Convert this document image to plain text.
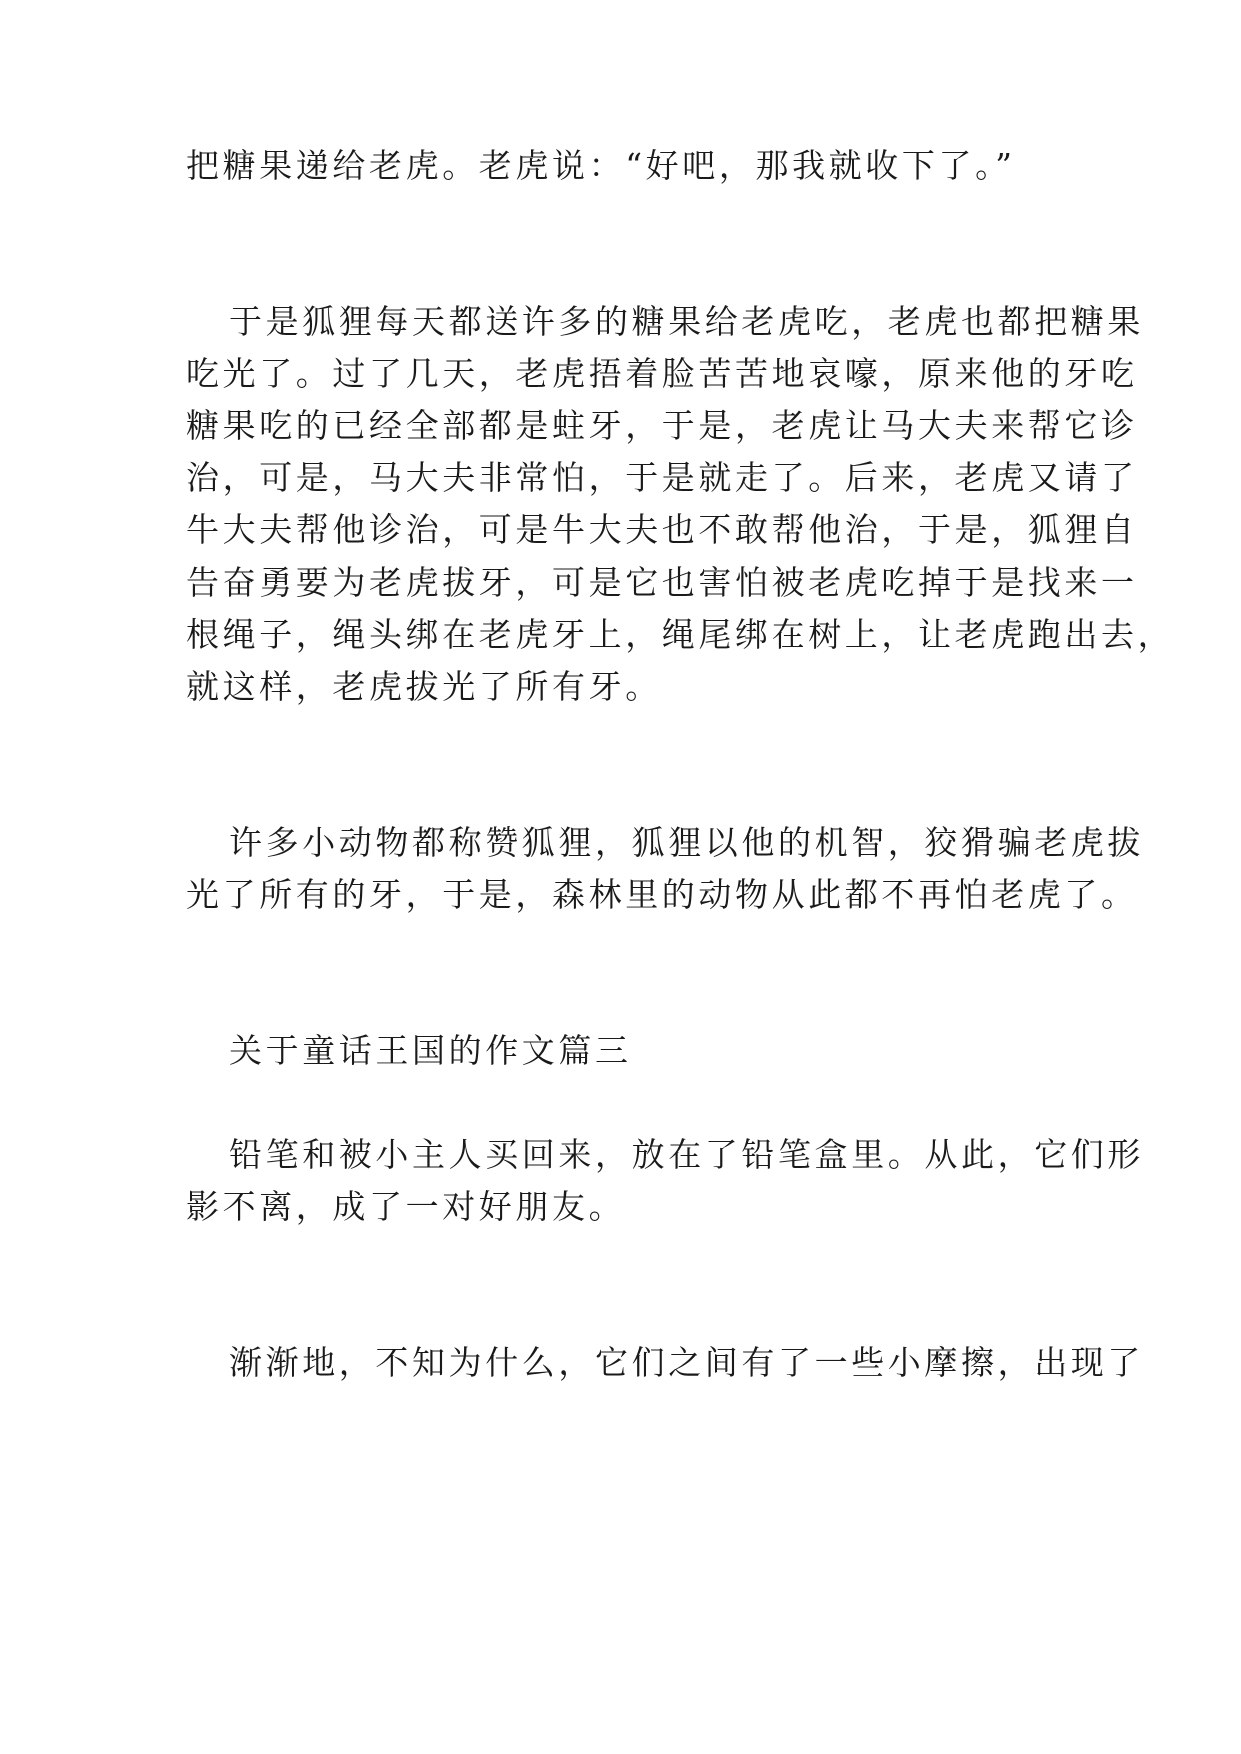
把糖果递给老虎。老虎说：“好吧，那我就收下了。”
于是狐狸每天都送许多的糖果给老虎吃，老虎也都把糖果
吃光了。过了几天，老虎捂着脸苦苦地哀嚎，原来他的牙吃
糖果吃的已经全部都是蛀牙，于是，老虎让马大夫来帮它诊
治，可是，马大夫非常怕，于是就走了。后来，老虎又请了
牛大夫帮他诊治，可是牛大夫也不敢帮他治，于是，狐狸自
告奋勇要为老虎拔牙，可是它也害怕被老虎吃掉于是找来一
根绳子，绳头绑在老虎牙上，绳尾绑在树上，让老虎跑出去，
就这样，老虎拔光了所有牙。
许多小动物都称赞狐狸，狐狸以他的机智，狡猾骗老虎拔
光了所有的牙，于是，森林里的动物从此都不再怕老虎了。
关于童话王国的作文篇三
铅笔和被小主人买回来，放在了铅笔盒里。从此，它们形
影不离，成了一对好朋友。
渐渐地，不知为什么，它们之间有了一些小摩擦，出现了
